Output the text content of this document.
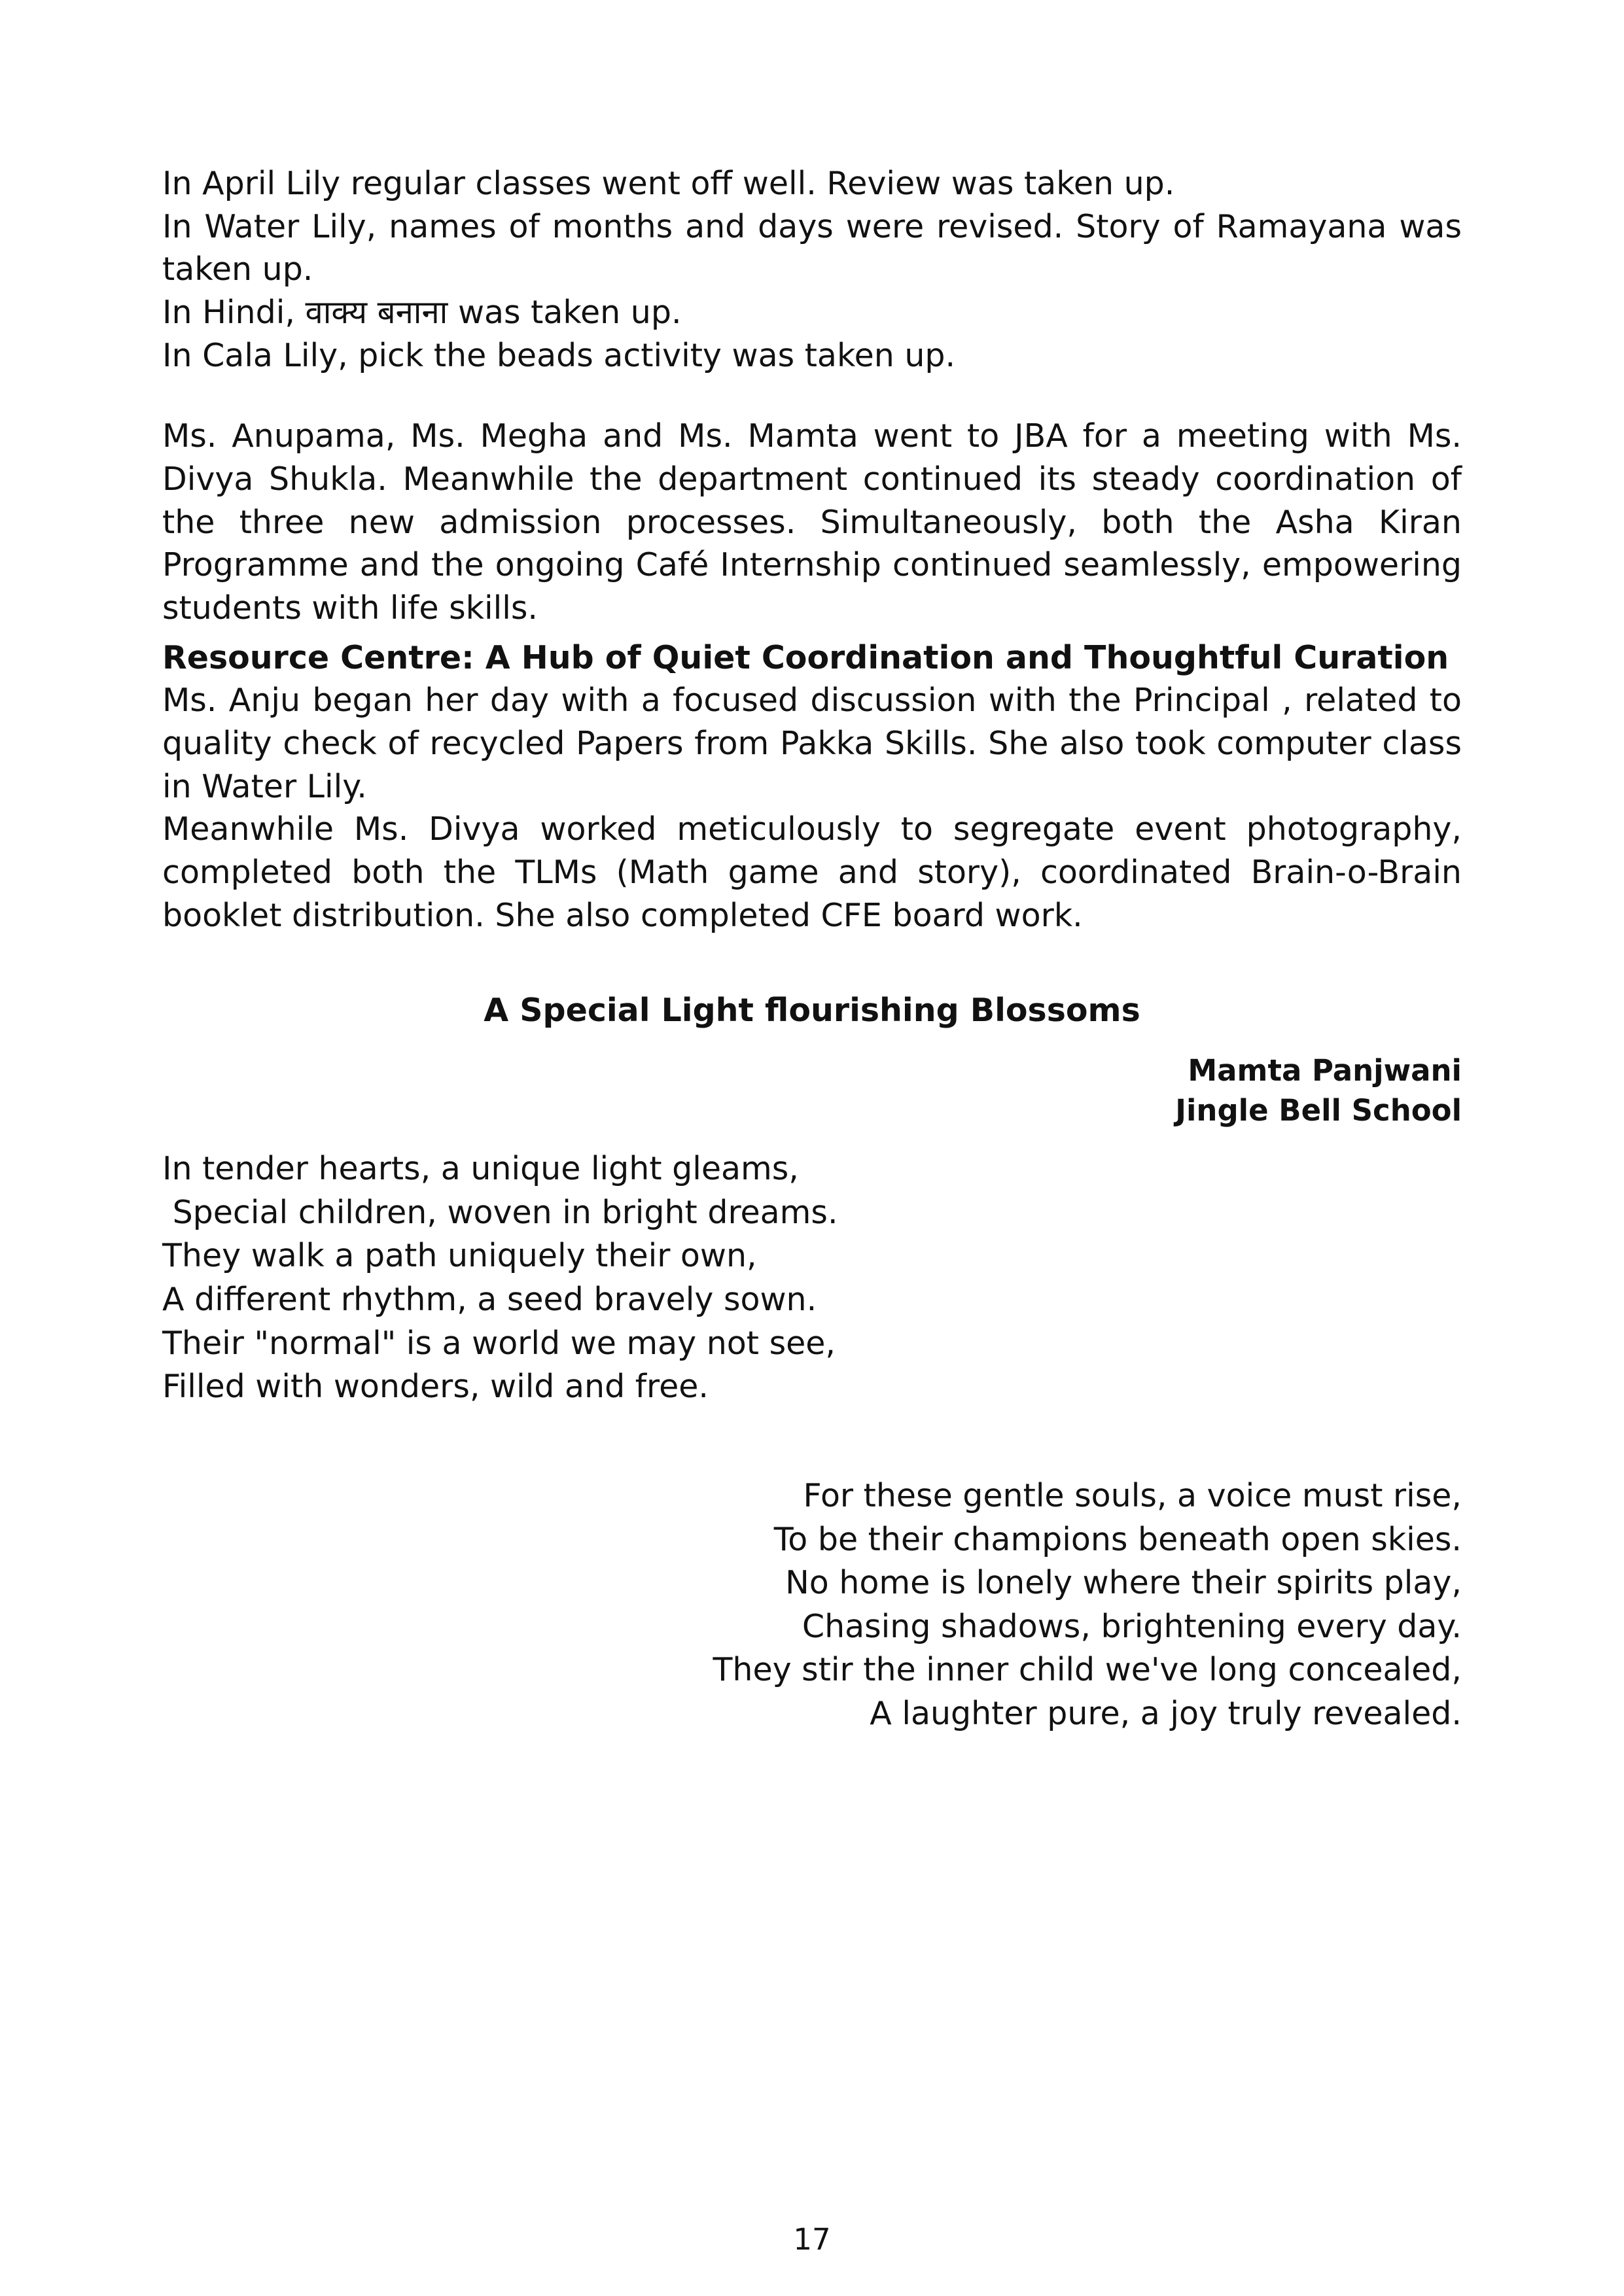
In April Lily regular classes went off well. Review was taken up.

In Water Lily, names of months and days were revised. Story of Ramayana was taken up.

In Hindi, वाक्य बनाना was taken up.

In Cala Lily, pick the beads activity was taken up.

Ms. Anupama, Ms. Megha and Ms. Mamta went to JBA for a meeting with Ms. Divya Shukla. Meanwhile the department continued its steady coordination of the three new admission processes. Simultaneously, both the Asha Kiran Programme and the ongoing Café Internship continued seamlessly, empowering students with life skills.

Resource Centre: A Hub of Quiet Coordination and Thoughtful Curation

Ms. Anju began her day with a focused discussion with the Principal , related to quality check of recycled Papers from Pakka Skills. She also took computer class in Water Lily.

Meanwhile Ms. Divya worked meticulously to segregate event photography, completed both the TLMs (Math game and story), coordinated Brain-o-Brain booklet distribution. She also completed CFE board work.

A Special Light flourishing Blossoms

Mamta Panjwani

Jingle Bell School

In tender hearts, a unique light gleams,

Special children, woven in bright dreams.

They walk a path uniquely their own,

A different rhythm, a seed bravely sown.

Their "normal" is a world we may not see,

Filled with wonders, wild and free.

For these gentle souls, a voice must rise,

To be their champions beneath open skies.

No home is lonely where their spirits play,

Chasing shadows, brightening every day.

They stir the inner child we've long concealed,

A laughter pure, a joy truly revealed.

17
